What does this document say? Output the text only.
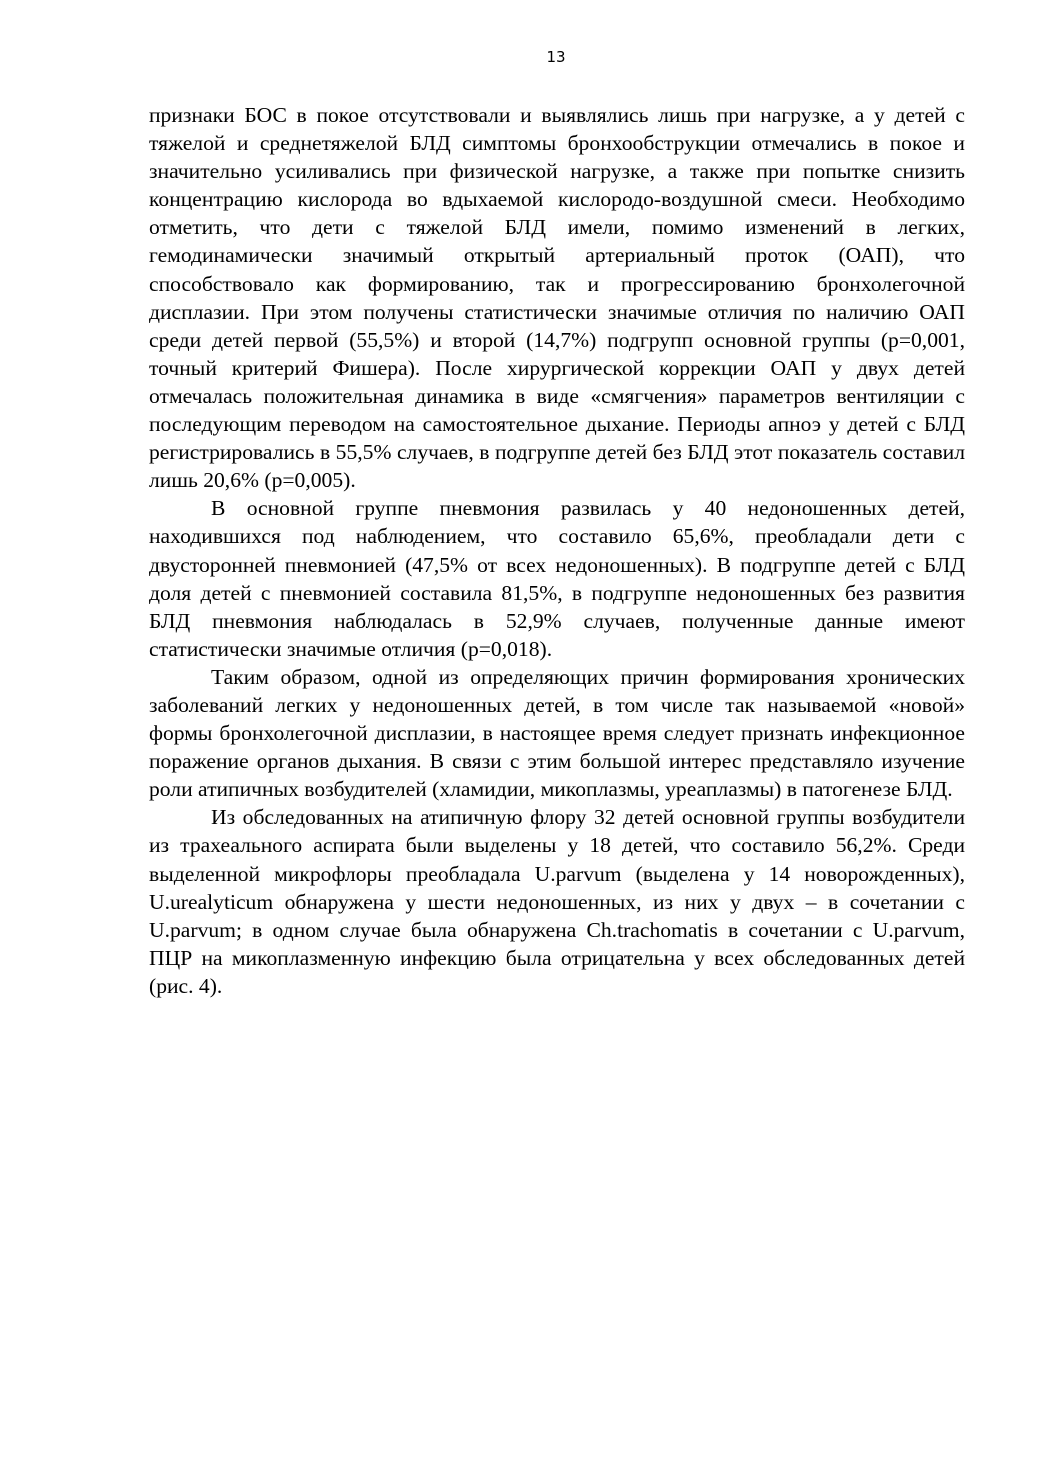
13

признаки БОС в покое отсутствовали и выявлялись лишь при нагрузке, а у детей с тяжелой и среднетяжелой БЛД симптомы бронхообструкции отмечались в покое и значительно усиливались при физической нагрузке, а также при попытке снизить концентрацию кислорода во вдыхаемой кислородо-воздушной смеси. Необходимо отметить, что дети с тяжелой БЛД имели, помимо изменений в легких, гемодинамически значимый открытый артериальный проток (ОАП), что способствовало как формированию, так и прогрессированию бронхолегочной дисплазии. При этом получены статистически значимые отличия по наличию ОАП среди детей первой (55,5%) и второй (14,7%) подгрупп основной группы (p=0,001, точный критерий Фишера). После хирургической коррекции ОАП у двух детей отмечалась положительная динамика в виде «смягчения» параметров вентиляции с последующим переводом на самостоятельное дыхание. Периоды апноэ у детей с БЛД регистрировались в 55,5% случаев, в подгруппе детей без БЛД этот показатель составил лишь 20,6% (p=0,005).

В основной группе пневмония развилась у 40 недоношенных детей, находившихся под наблюдением, что составило 65,6%, преобладали дети с двусторонней пневмонией (47,5% от всех недоношенных). В подгруппе детей с БЛД доля детей с пневмонией составила 81,5%, в подгруппе недоношенных без развития БЛД пневмония наблюдалась в 52,9% случаев, полученные данные имеют статистически значимые отличия (p=0,018).

Таким образом, одной из определяющих причин формирования хронических заболеваний легких у недоношенных детей, в том числе так называемой «новой» формы бронхолегочной дисплазии, в настоящее время следует признать инфекционное поражение органов дыхания. В связи с этим большой интерес представляло изучение роли атипичных возбудителей (хламидии, микоплазмы, уреаплазмы) в патогенезе БЛД.

Из обследованных на атипичную флору 32 детей основной группы возбудители из трахеального аспирата были выделены у 18 детей, что составило 56,2%. Среди выделенной микрофлоры преобладала U.parvum (выделена у 14 новорожденных), U.urealyticum обнаружена у шести недоношенных, из них у двух – в сочетании с U.parvum; в одном случае была обнаружена Ch.trachomatis в сочетании с U.parvum, ПЦР на микоплазменную инфекцию была отрицательна у всех обследованных детей (рис. 4).
